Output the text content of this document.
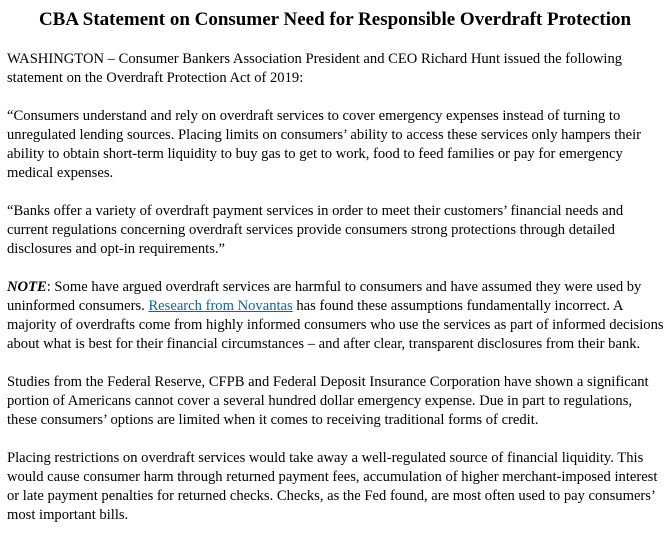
CBA Statement on Consumer Need for Responsible Overdraft Protection

WASHINGTON – Consumer Bankers Association President and CEO Richard Hunt issued the following statement on the Overdraft Protection Act of 2019:

“Consumers understand and rely on overdraft services to cover emergency expenses instead of turning to unregulated lending sources. Placing limits on consumers’ ability to access these services only hampers their ability to obtain short-term liquidity to buy gas to get to work, food to feed families or pay for emergency medical expenses.

“Banks offer a variety of overdraft payment services in order to meet their customers’ financial needs and current regulations concerning overdraft services provide consumers strong protections through detailed disclosures and opt-in requirements.”

NOTE: Some have argued overdraft services are harmful to consumers and have assumed they were used by uninformed consumers. Research from Novantas has found these assumptions fundamentally incorrect. A majority of overdrafts come from highly informed consumers who use the services as part of informed decisions about what is best for their financial circumstances – and after clear, transparent disclosures from their bank.

Studies from the Federal Reserve, CFPB and Federal Deposit Insurance Corporation have shown a significant portion of Americans cannot cover a several hundred dollar emergency expense. Due in part to regulations, these consumers’ options are limited when it comes to receiving traditional forms of credit.

Placing restrictions on overdraft services would take away a well-regulated source of financial liquidity. This would cause consumer harm through returned payment fees, accumulation of higher merchant-imposed interest or late payment penalties for returned checks. Checks, as the Fed found, are most often used to pay consumers’ most important bills.
